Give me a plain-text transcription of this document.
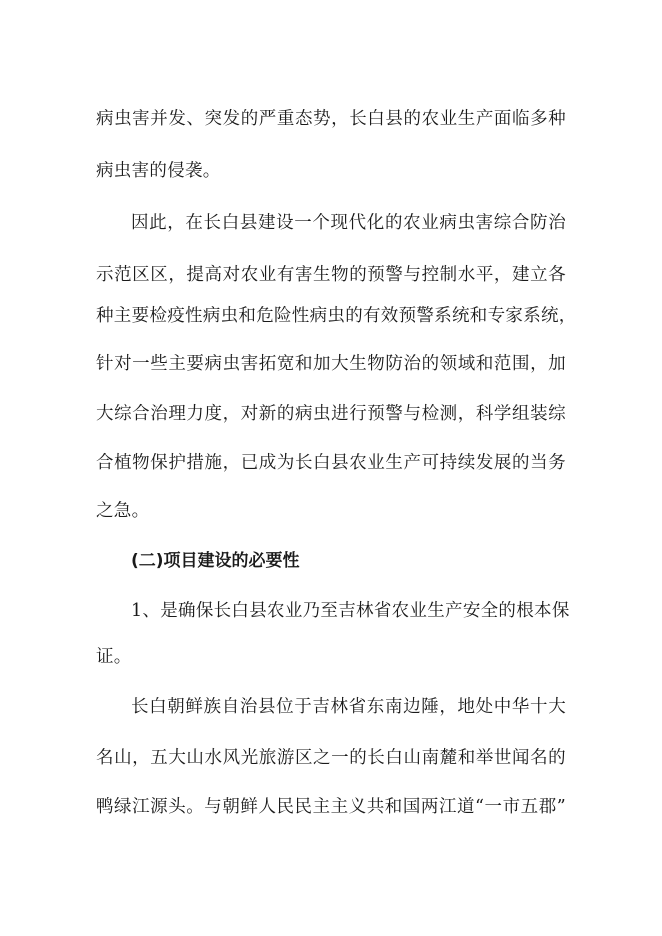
病虫害并发、突发的严重态势，长白县的农业生产面临多种
病虫害的侵袭。
因此，在长白县建设一个现代化的农业病虫害综合防治
示范区区，提高对农业有害生物的预警与控制水平，建立各
种主要检疫性病虫和危险性病虫的有效预警系统和专家系统，
针对一些主要病虫害拓宽和加大生物防治的领域和范围，加
大综合治理力度，对新的病虫进行预警与检测，科学组装综
合植物保护措施，已成为长白县农业生产可持续发展的当务
之急。
(二)项目建设的必要性
1、是确保长白县农业乃至吉林省农业生产安全的根本保
证。
长白朝鲜族自治县位于吉林省东南边陲，地处中华十大
名山，五大山水风光旅游区之一的长白山南麓和举世闻名的
鸭绿江源头。与朝鲜人民民主主义共和国两江道“一市五郡”
